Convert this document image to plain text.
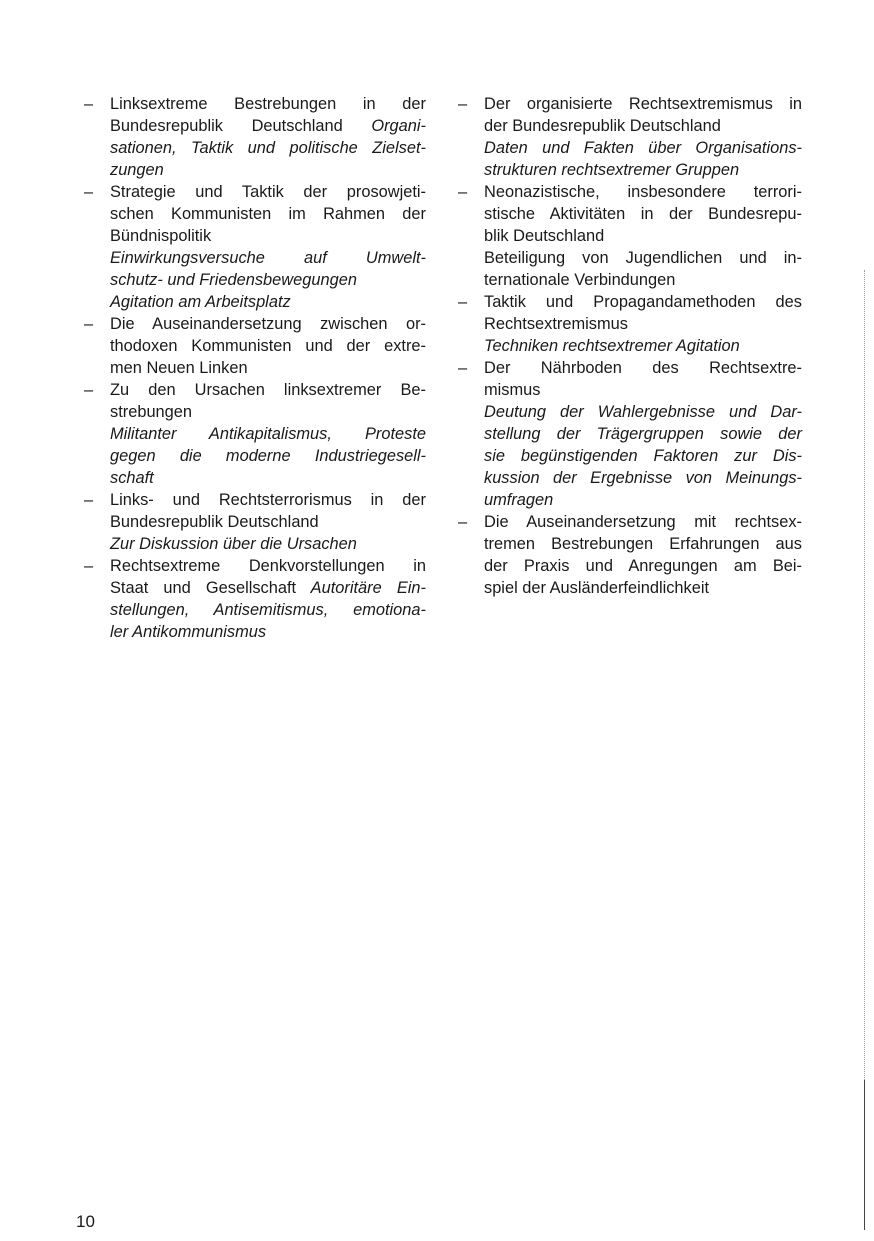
–	Linksextreme Bestrebungen in der
Bundesrepublik Deutschland Organi-
sationen, Taktik und politische Zielset-
zungen
–	Strategie und Taktik der prosowjeti-
schen Kommunisten im Rahmen der
Bündnispolitik
Einwirkungsversuche auf Umwelt-
schutz- und Friedensbewegungen
Agitation am Arbeitsplatz
–	Die Auseinandersetzung zwischen or-
thodoxen Kommunisten und der extre-
men Neuen Linken
–	Zu den Ursachen linksextremer Be-
strebungen
Militanter Antikapitalismus, Proteste
gegen die moderne Industriegesell-
schaft
–	Links- und Rechtsterrorismus in der
Bundesrepublik Deutschland
Zur Diskussion über die Ursachen
–	Rechtsextreme Denkvorstellungen in
Staat und Gesellschaft Autoritäre Ein-
stellungen, Antisemitismus, emotiona-
ler Antikommunismus
–	Der organisierte Rechtsextremismus in
der Bundesrepublik Deutschland
Daten und Fakten über Organisations-
strukturen rechtsextremer Gruppen
–	Neonazistische, insbesondere terrori-
stische Aktivitäten in der Bundesrepu-
blik Deutschland
Beteiligung von Jugendlichen und in-
ternationale Verbindungen
–	Taktik und Propagandamethoden des
Rechtsextremismus
Techniken rechtsextremer Agitation
–	Der Nährboden des Rechtsextre-
mismus
Deutung der Wahlergebnisse und Dar-
stellung der Trägergruppen sowie der
sie begünstigenden Faktoren zur Dis-
kussion der Ergebnisse von Meinungs-
umfragen
–	Die Auseinandersetzung mit rechtsex-
tremen Bestrebungen Erfahrungen aus
der Praxis und Anregungen am Bei-
spiel der Ausländerfeindlichkeit
10
